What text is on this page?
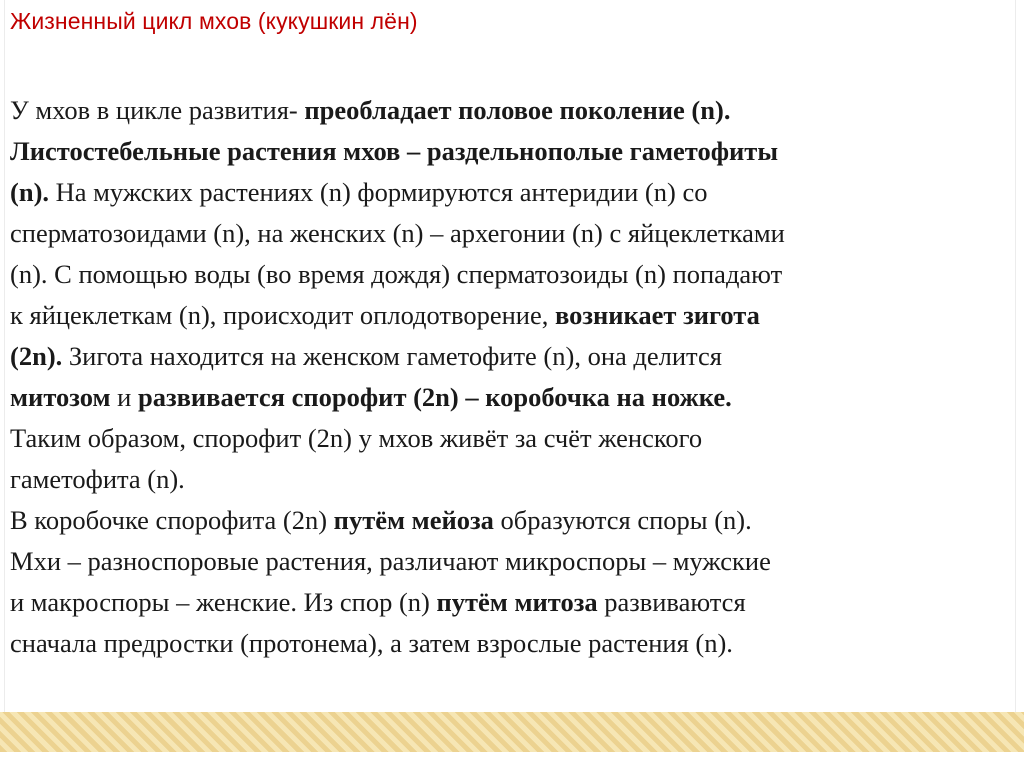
Жизненный цикл мхов (кукушкин лён)
У мхов в цикле развития- преобладает половое поколение (n).
Листостебельные растения мхов – раздельнополые гаметофиты
(n). На мужских растениях (n) формируются антеридии (n) со
сперматозоидами (n), на женских (n) – архегонии (n) с яйцеклетками
(n). С помощью воды (во время дождя) сперматозоиды (n) попадают
к яйцеклеткам (n), происходит оплодотворение, возникает зигота
(2n). Зигота находится на женском гаметофите (n), она делится
митозом и развивается спорофит (2n) – коробочка на ножке.
Таким образом, спорофит (2n) у мхов живёт за счёт женского
гаметофита (n).
В коробочке спорофита (2n) путём мейоза образуются споры (n).
Мхи – разноспоровые растения, различают микроспоры – мужские
и макроспоры – женские. Из спор (n) путём митоза развиваются
сначала предростки (протонема), а затем взрослые растения (n).
